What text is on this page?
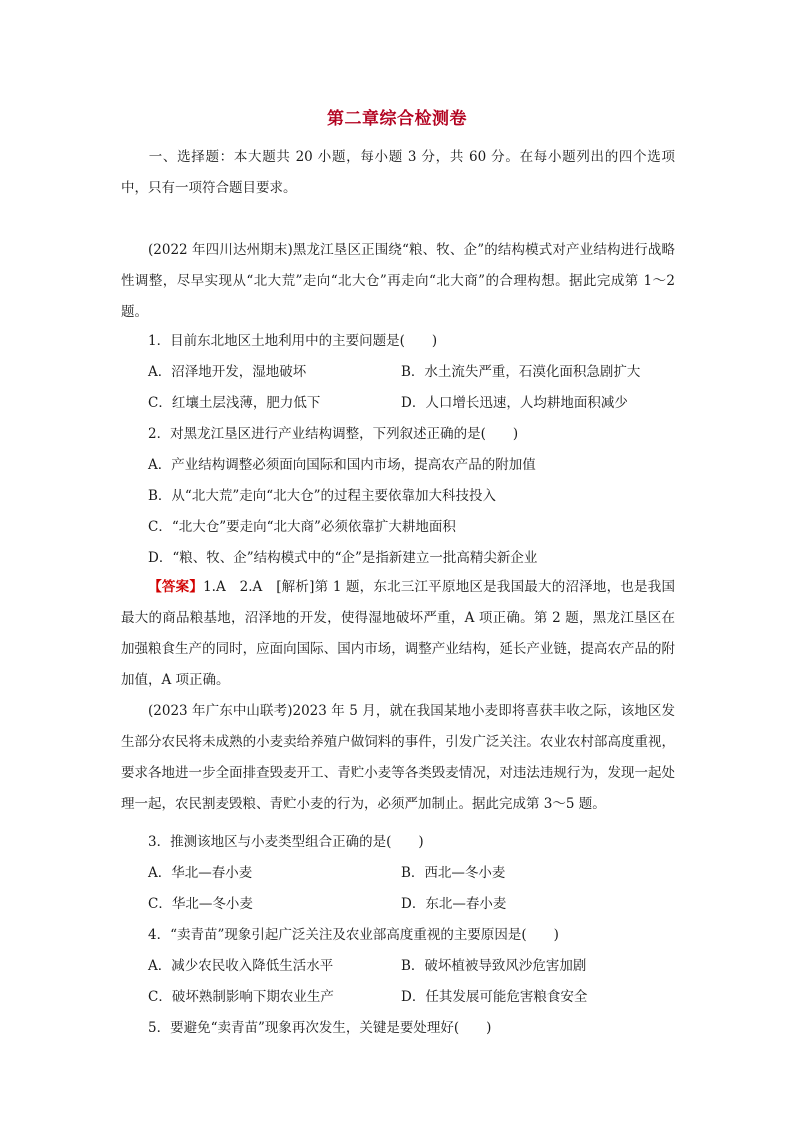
第二章综合检测卷

一、选择题：本大题共 20 小题，每小题 3 分，共 60 分。在每小题列出的四个选项中，只有一项符合题目要求。

(2022 年四川达州期末)黑龙江垦区正围绕“粮、牧、企”的结构模式对产业结构进行战略性调整，尽早实现从“北大荒”走向“北大仓”再走向“北大商”的合理构想。据此完成第 1～2 题。

1．目前东北地区土地利用中的主要问题是(　　)
A．沼泽地开发，湿地破坏	B．水土流失严重，石漠化面积急剧扩大
C．红壤土层浅薄，肥力低下	D．人口增长迅速，人均耕地面积减少
2．对黑龙江垦区进行产业结构调整，下列叙述正确的是(　　)
A．产业结构调整必须面向国际和国内市场，提高农产品的附加值
B．从“北大荒”走向“北大仓”的过程主要依靠加大科技投入
C．“北大仓”要走向“北大商”必须依靠扩大耕地面积
D．“粮、牧、企”结构模式中的“企”是指新建立一批高精尖新企业

【答案】1.A　2.A　[解析]第 1 题，东北三江平原地区是我国最大的沼泽地，也是我国最大的商品粮基地，沼泽地的开发，使得湿地破坏严重，A 项正确。第 2 题，黑龙江垦区在加强粮食生产的同时，应面向国际、国内市场，调整产业结构，延长产业链，提高农产品的附加值，A 项正确。

(2023 年广东中山联考)2023 年 5 月，就在我国某地小麦即将喜获丰收之际，该地区发生部分农民将未成熟的小麦卖给养殖户做饲料的事件，引发广泛关注。农业农村部高度重视，要求各地进一步全面排查毁麦开工、青贮小麦等各类毁麦情况，对违法违规行为，发现一起处理一起，农民割麦毁粮、青贮小麦的行为，必须严加制止。据此完成第 3～5 题。

3．推测该地区与小麦类型组合正确的是(　　)
A．华北—春小麦	B．西北—冬小麦
C．华北—冬小麦	D．东北—春小麦
4．“卖青苗”现象引起广泛关注及农业部高度重视的主要原因是(　　)
A．减少农民收入降低生活水平	B．破坏植被导致风沙危害加剧
C．破坏熟制影响下期农业生产	D．任其发展可能危害粮食安全
5．要避免“卖青苗”现象再次发生，关键是要处理好(　　)
